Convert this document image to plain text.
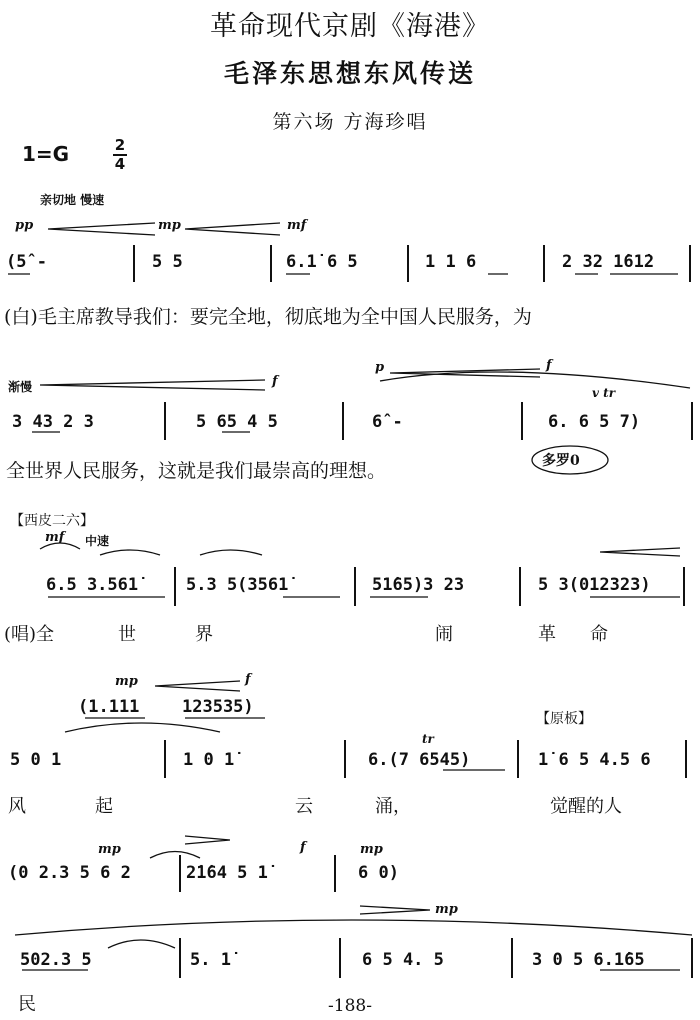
革命现代京剧《海港》
毛泽东思想东风传送
第六场 方海珍唱
1=G	2
4
亲切地 慢速
pp	mp	mf
(5̂ -	5 5	6.1̇ 6 5	1 1 6	2 32 1̇61̇2
(白)毛主席教导我们：要完全地，彻底地为全中国人民服务，为
渐慢	f
p	f
v tr
3 43 2 3	5 65 4 5	6̂ -	6. 6 5 7)
全世界人民服务，这就是我们最崇高的理想。	多罗0
【西皮二六】
mf 中速
6.5 3.561̇	5.3 5(3561̇	51̇65)3 23	5 3(012323)
(唱)全	世	界	闹	革 命
mp	f
(1.111	123535)
【原板】
tr
5 0 1	1 0 1̇	6.(7 6545)	1̇ 6 5 4.5 6
风	起	云	涌，	觉醒的人
mp	f	mp
(0 2.3 5 6 2	2̇1̇64 5 1̇	6 0)
mp
502.3 5	5. 1̇	6 5 4. 5	3 0 5 6.1̇65
民	-188-
